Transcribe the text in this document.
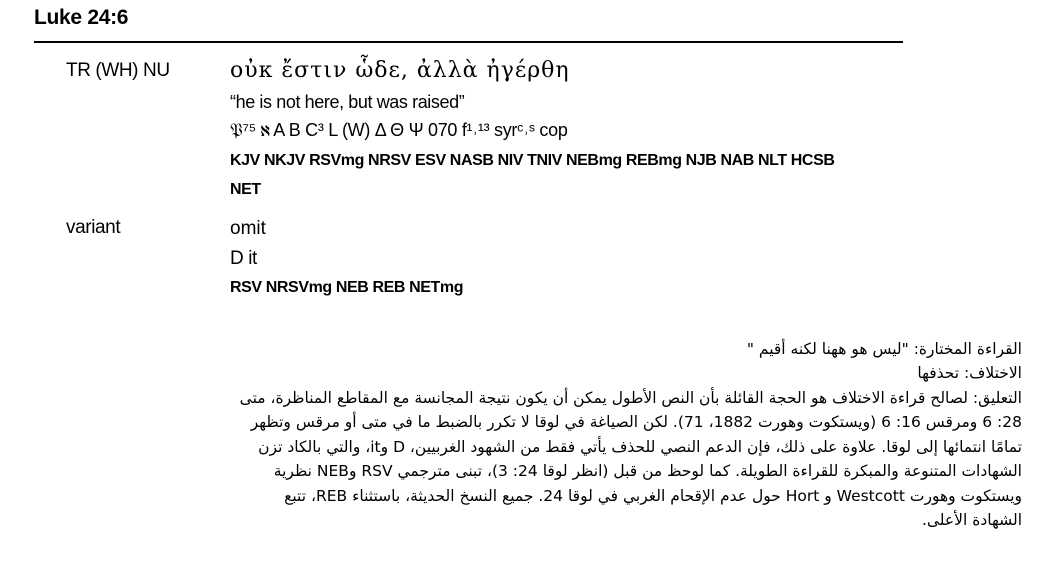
Luke 24:6
TR (WH) NU	οὐκ ἔστιν ὧδε, ἀλλὰ ἠγέρθη
“he is not here, but was raised”
𝔓⁷⁵ ℵ A B C³ L (W) Δ Θ Ψ 070 f¹˒¹³ syrᶜ˒ˢ cop
KJV NKJV RSVmg NRSV ESV NASB NIV TNIV NEBmg REBmg NJB NAB NLT HCSB
NET
variant	omit
D it
RSV NRSVmg NEB REB NETmg
القراءة المختارة: "ليس هو ههنا لكنه أقيم "
الاختلاف: تحذفها
التعليق: لصالح قراءة الاختلاف هو الحجة القائلة بأن النص الأطول يمكن أن يكون نتيجة المجانسة مع المقاطع المناظرة، متى
28: 6 ومرقس 16: 6 (ويستكوت وهورت 1882، 71). لكن الصياغة في لوقا لا تكرر بالضبط ما في متى أو مرقس وتظهر
تمامًا انتمائها إلى لوقا. علاوة على ذلك، فإن الدعم النصي للحذف يأتي فقط من الشهود الغربيين، D وit، والتي بالكاد تزن
الشهادات المتنوعة والمبكرة للقراءة الطويلة. كما لوحظ من قبل (انظر لوقا 24: 3)، تبنى مترجمي RSV وNEB نظرية
ويستكوت وهورت Westcott و Hort حول عدم الإقحام الغربي في لوقا 24. جميع النسخ الحديثة، باستثناء REB، تتبع
الشهادة الأعلى.
